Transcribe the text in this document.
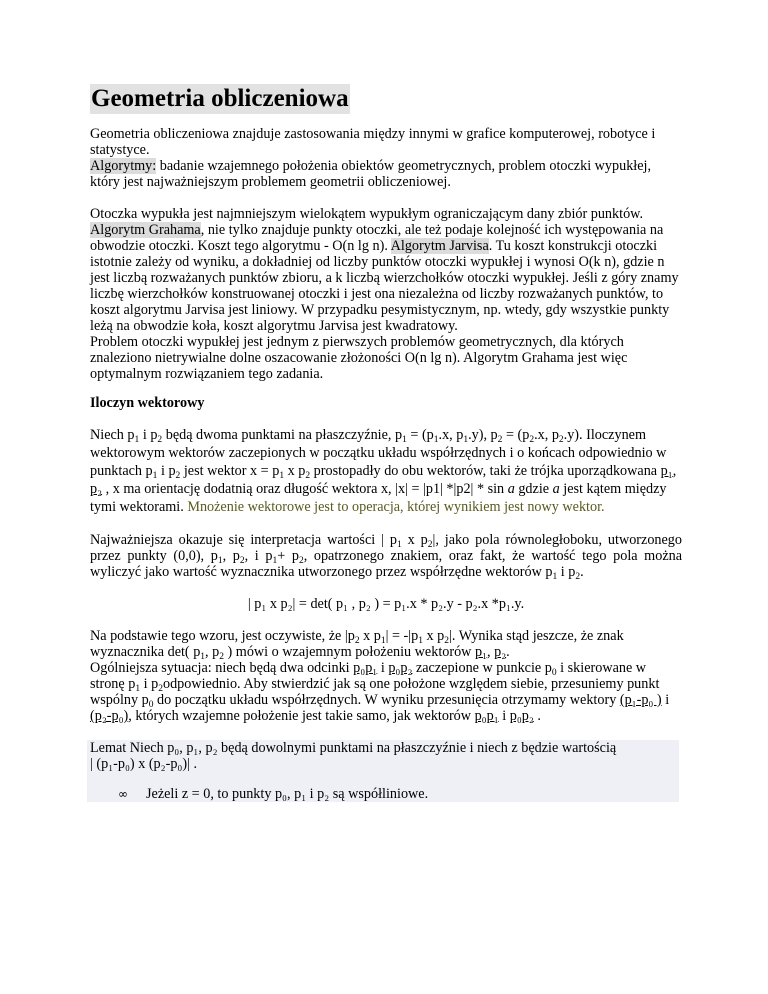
Geometria obliczeniowa

Geometria obliczeniowa znajduje zastosowania między innymi w grafice komputerowej, robotyce i statystyce.

Algorytmy: badanie wzajemnego położenia obiektów geometrycznych, problem otoczki wypukłej, który jest najważniejszym problemem geometrii obliczeniowej.

Otoczka wypukła jest najmniejszym wielokątem wypukłym ograniczającym dany zbiór punktów. Algorytm Grahama, nie tylko znajduje punkty otoczki, ale też podaje kolejność ich występowania na obwodzie otoczki. Koszt tego algorytmu - O(n lg n). Algorytm Jarvisa. Tu koszt konstrukcji otoczki istotnie zależy od wyniku, a dokładniej od liczby punktów otoczki wypukłej i wynosi O(k n), gdzie n jest liczbą rozważanych punktów zbioru, a k liczbą wierzchołków otoczki wypukłej. Jeśli z góry znamy liczbę wierzchołków konstruowanej otoczki i jest ona niezależna od liczby rozważanych punktów, to koszt algorytmu Jarvisa jest liniowy. W przypadku pesymistycznym, np. wtedy, gdy wszystkie punkty leżą na obwodzie koła, koszt algorytmu Jarvisa jest kwadratowy.

Problem otoczki wypukłej jest jednym z pierwszych problemów geometrycznych, dla których znaleziono nietrywialne dolne oszacowanie złożoności O(n lg n). Algorytm Grahama jest więc optymalnym rozwiązaniem tego zadania.

Iloczyn wektorowy

Niech $p_1$ i $p_2$ będą dwoma punktami na płaszczyźnie, $p_1 = (p_1.x$, $p_1.y$), $p_2 = (p_2.x$, $p_2.y$). Iloczynem wektorowym wektorów zaczepionych w początku układu współrzędnych i o końcach odpowiednio w punktach $p_1$ i $p_2$ jest wektor $x = p_1$ x $p_2$ prostopadły do obu wektorów, taki że trójka uporządkowana p₁, p₂ , x ma orientację dodatnią oraz długość wektora x, |x| = |p1| *|p2| * sin a gdzie a jest kątem między tymi wektorami. Mnożenie wektorowe jest to operacja, której wynikiem jest nowy wektor.

Najważniejsza okazuje się interpretacja wartości | $p_1$ x $p_2|$, jako pola równoległoboku, utworzonego przez punkty (0,0), $p_1$, $p_2$, i $p_1+ p_2$, opatrzonego znakiem, oraz fakt, że wartość tego pola można wyliczyć jako wartość wyznacznika utworzonego przez współrzędne wektorów $p_1$ i $p_2$.

| p₁ x p₂| = det( p₁ , p₂ ) = p₁.x * p₂.y - p₂.x *p₁.y.

Na podstawie tego wzoru, jest oczywiste, że $|p_2$ x $p_1| = -|p_1$ x $p_2|$. Wynika stąd jeszcze, że znak wyznacznika det( $p_1$, $p_2$ ) mówi o wzajemnym położeniu wektorów p₁, p₂.

Ogólniejsza sytuacja: niech będą dwa odcinki p₀p₁ i p₀p₂ zaczepione w punkcie $p_0$ i skierowane w stronę $p_1$ i $p_2odpowiednio$. Aby stwierdzić jak są one położone względem siebie, przesuniemy punkt wspólny $p_0$ do początku układu współrzędnych. W wyniku przesunięcia otrzymamy wektory (p₁-p₀ ) i (p₂-p₀), których wzajemne położenie jest takie samo, jak wektorów p₀p₁ i p₀p₂ .

Lemat Niech p₀, p₁, p₂ będą dowolnymi punktami na płaszczyźnie i niech z będzie wartością
| (p₁-p₀) x (p₂-p₀)| .

∞ Jeżeli z = 0, to punkty p₀, p₁ i p₂ są współliniowe.
